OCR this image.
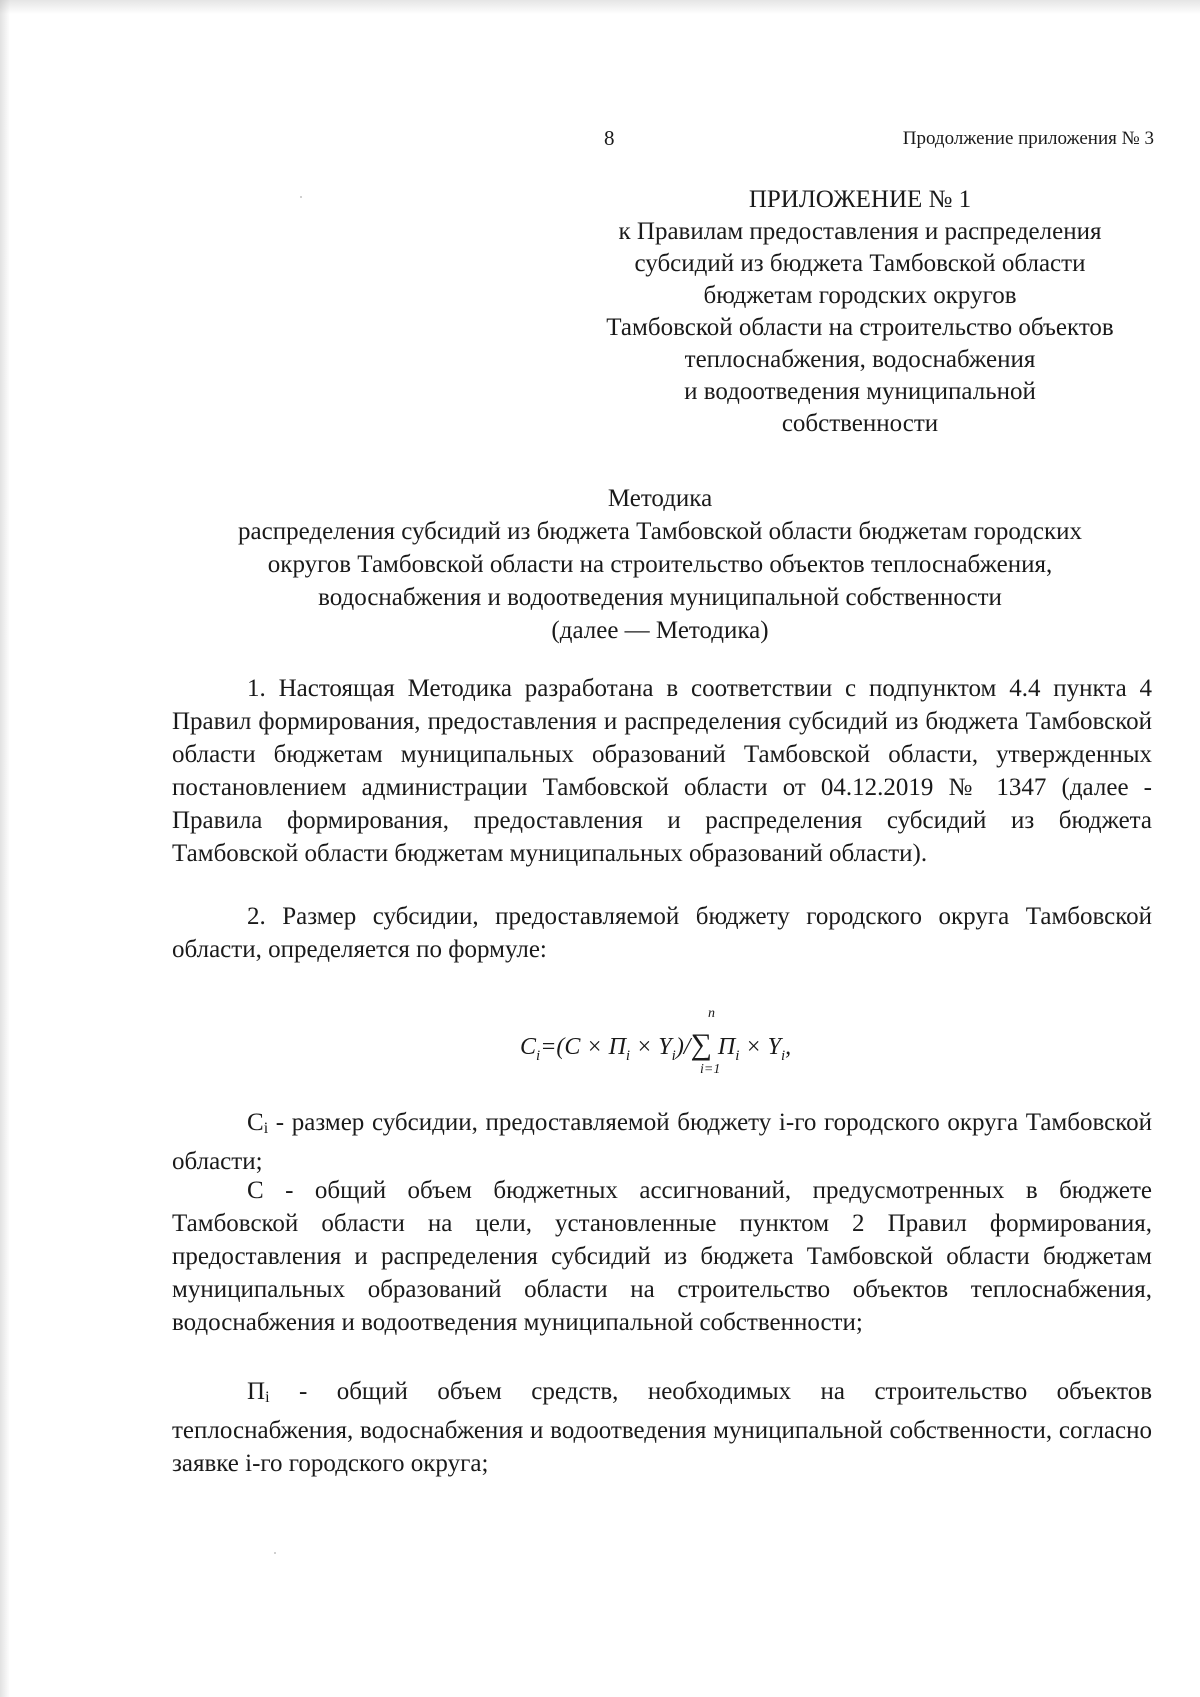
8	Продолжение приложения № 3
ПРИЛОЖЕНИЕ № 1
к Правилам предоставления и распределения
субсидий из бюджета Тамбовской области
бюджетам городских округов
Тамбовской области на строительство объектов
теплоснабжения, водоснабжения
и водоотведения муниципальной
собственности
Методика
распределения субсидий из бюджета Тамбовской области бюджетам городских
округов Тамбовской области на строительство объектов теплоснабжения,
водоснабжения и водоотведения муниципальной собственности
(далее — Методика)
1. Настоящая Методика разработана в соответствии с подпунктом 4.4 пункта 4 Правил формирования, предоставления и распределения субсидий из бюджета Тамбовской области бюджетам муниципальных образований Тамбовской области, утвержденных постановлением администрации Тамбовской области от 04.12.2019 № 1347 (далее - Правила формирования, предоставления и распределения субсидий из бюджета Тамбовской области бюджетам муниципальных образований области).
2. Размер субсидии, предоставляемой бюджету городского округа Тамбовской области, определяется по формуле:
n
$C_i=(C \times П_i \times Y_i)/\sum$ $П_i \times Y_i$,
i=1
Ci - размер субсидии, предоставляемой бюджету i-го городского округа Тамбовской области;
С - общий объем бюджетных ассигнований, предусмотренных в бюджете Тамбовской области на цели, установленные пунктом 2 Правил формирования, предоставления и распределения субсидий из бюджета Тамбовской области бюджетам муниципальных образований области на строительство объектов теплоснабжения, водоснабжения и водоотведения муниципальной собственности;
Пi - общий объем средств, необходимых на строительство объектов теплоснабжения, водоснабжения и водоотведения муниципальной собственности, согласно заявке i-го городского округа;
